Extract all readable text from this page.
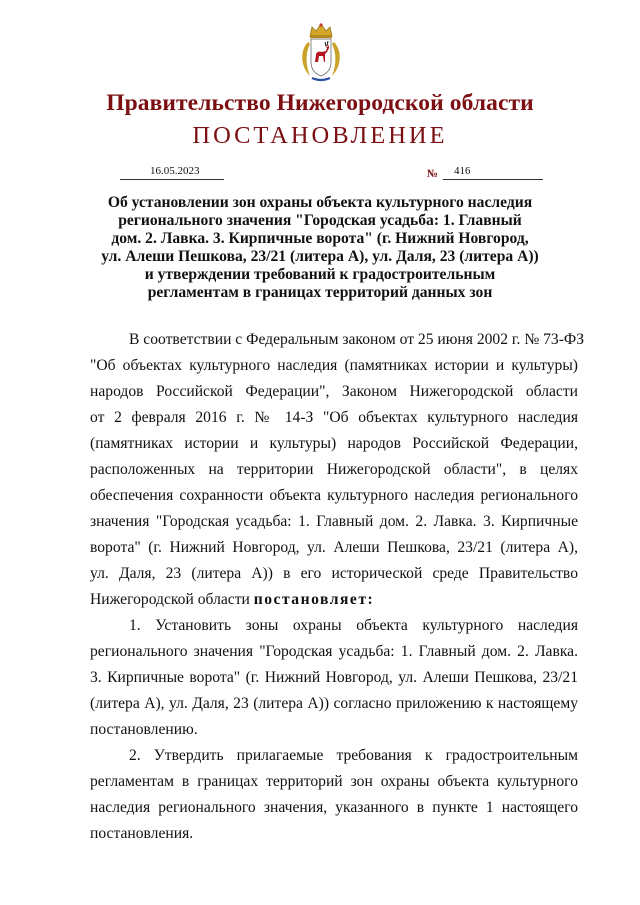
Правительство Нижегородской области
ПОСТАНОВЛЕНИЕ
16.05.2023	№ 416
Об установлении зон охраны объекта культурного наследия
регионального значения "Городская усадьба: 1. Главный
дом. 2. Лавка. 3. Кирпичные ворота" (г. Нижний Новгород,
ул. Алеши Пешкова, 23/21 (литера А), ул. Даля, 23 (литера А))
и утверждении требований к градостроительным
регламентам в границах территорий данных зон
В соответствии с Федеральным законом от 25 июня 2002 г. № 73-ФЗ
"Об объектах культурного наследия (памятниках истории и культуры)
народов Российской Федерации", Законом Нижегородской области
от 2 февраля 2016 г. № 14-З "Об объектах культурного наследия
(памятниках истории и культуры) народов Российской Федерации,
расположенных на территории Нижегородской области", в целях
обеспечения сохранности объекта культурного наследия регионального
значения "Городская усадьба: 1. Главный дом. 2. Лавка. 3. Кирпичные
ворота" (г. Нижний Новгород, ул. Алеши Пешкова, 23/21 (литера А),
ул. Даля, 23 (литера А)) в его исторической среде Правительство
Нижегородской области постановляет:
1. Установить зоны охраны объекта культурного наследия
регионального значения "Городская усадьба: 1. Главный дом. 2. Лавка.
3. Кирпичные ворота" (г. Нижний Новгород, ул. Алеши Пешкова, 23/21
(литера А), ул. Даля, 23 (литера А)) согласно приложению к настоящему
постановлению.
2. Утвердить прилагаемые требования к градостроительным
регламентам в границах территорий зон охраны объекта культурного
наследия регионального значения, указанного в пункте 1 настоящего
постановления.
